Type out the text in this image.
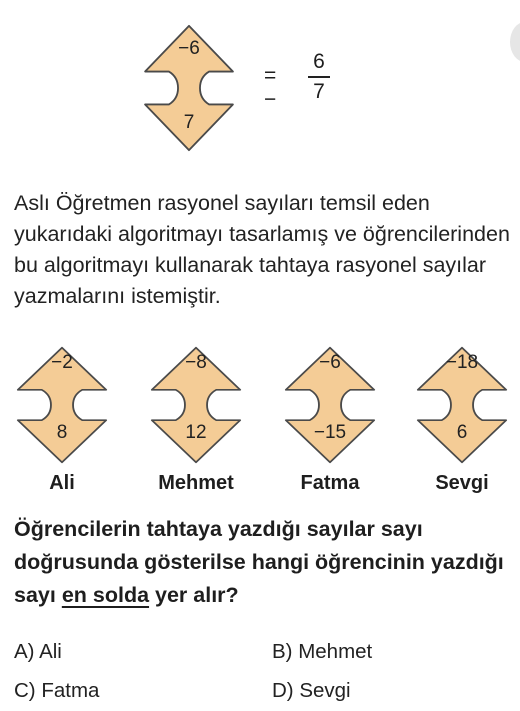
−6
7
= −
6
7
Aslı Öğretmen rasyonel sayıları temsil eden yukarıdaki algoritmayı tasarlamış ve öğrencilerinden bu algoritmayı kullanarak tahtaya rasyonel sayılar yazmalarını istemiştir.
−2
8
−8
12
−6
−15
−18
6
Ali	Mehmet	Fatma	Sevgi
Öğrencilerin tahtaya yazdığı sayılar sayı doğrusunda gösterilse hangi öğrencinin yazdığı sayı en solda yer alır?
A) Ali	B) Mehmet
C) Fatma	D) Sevgi
